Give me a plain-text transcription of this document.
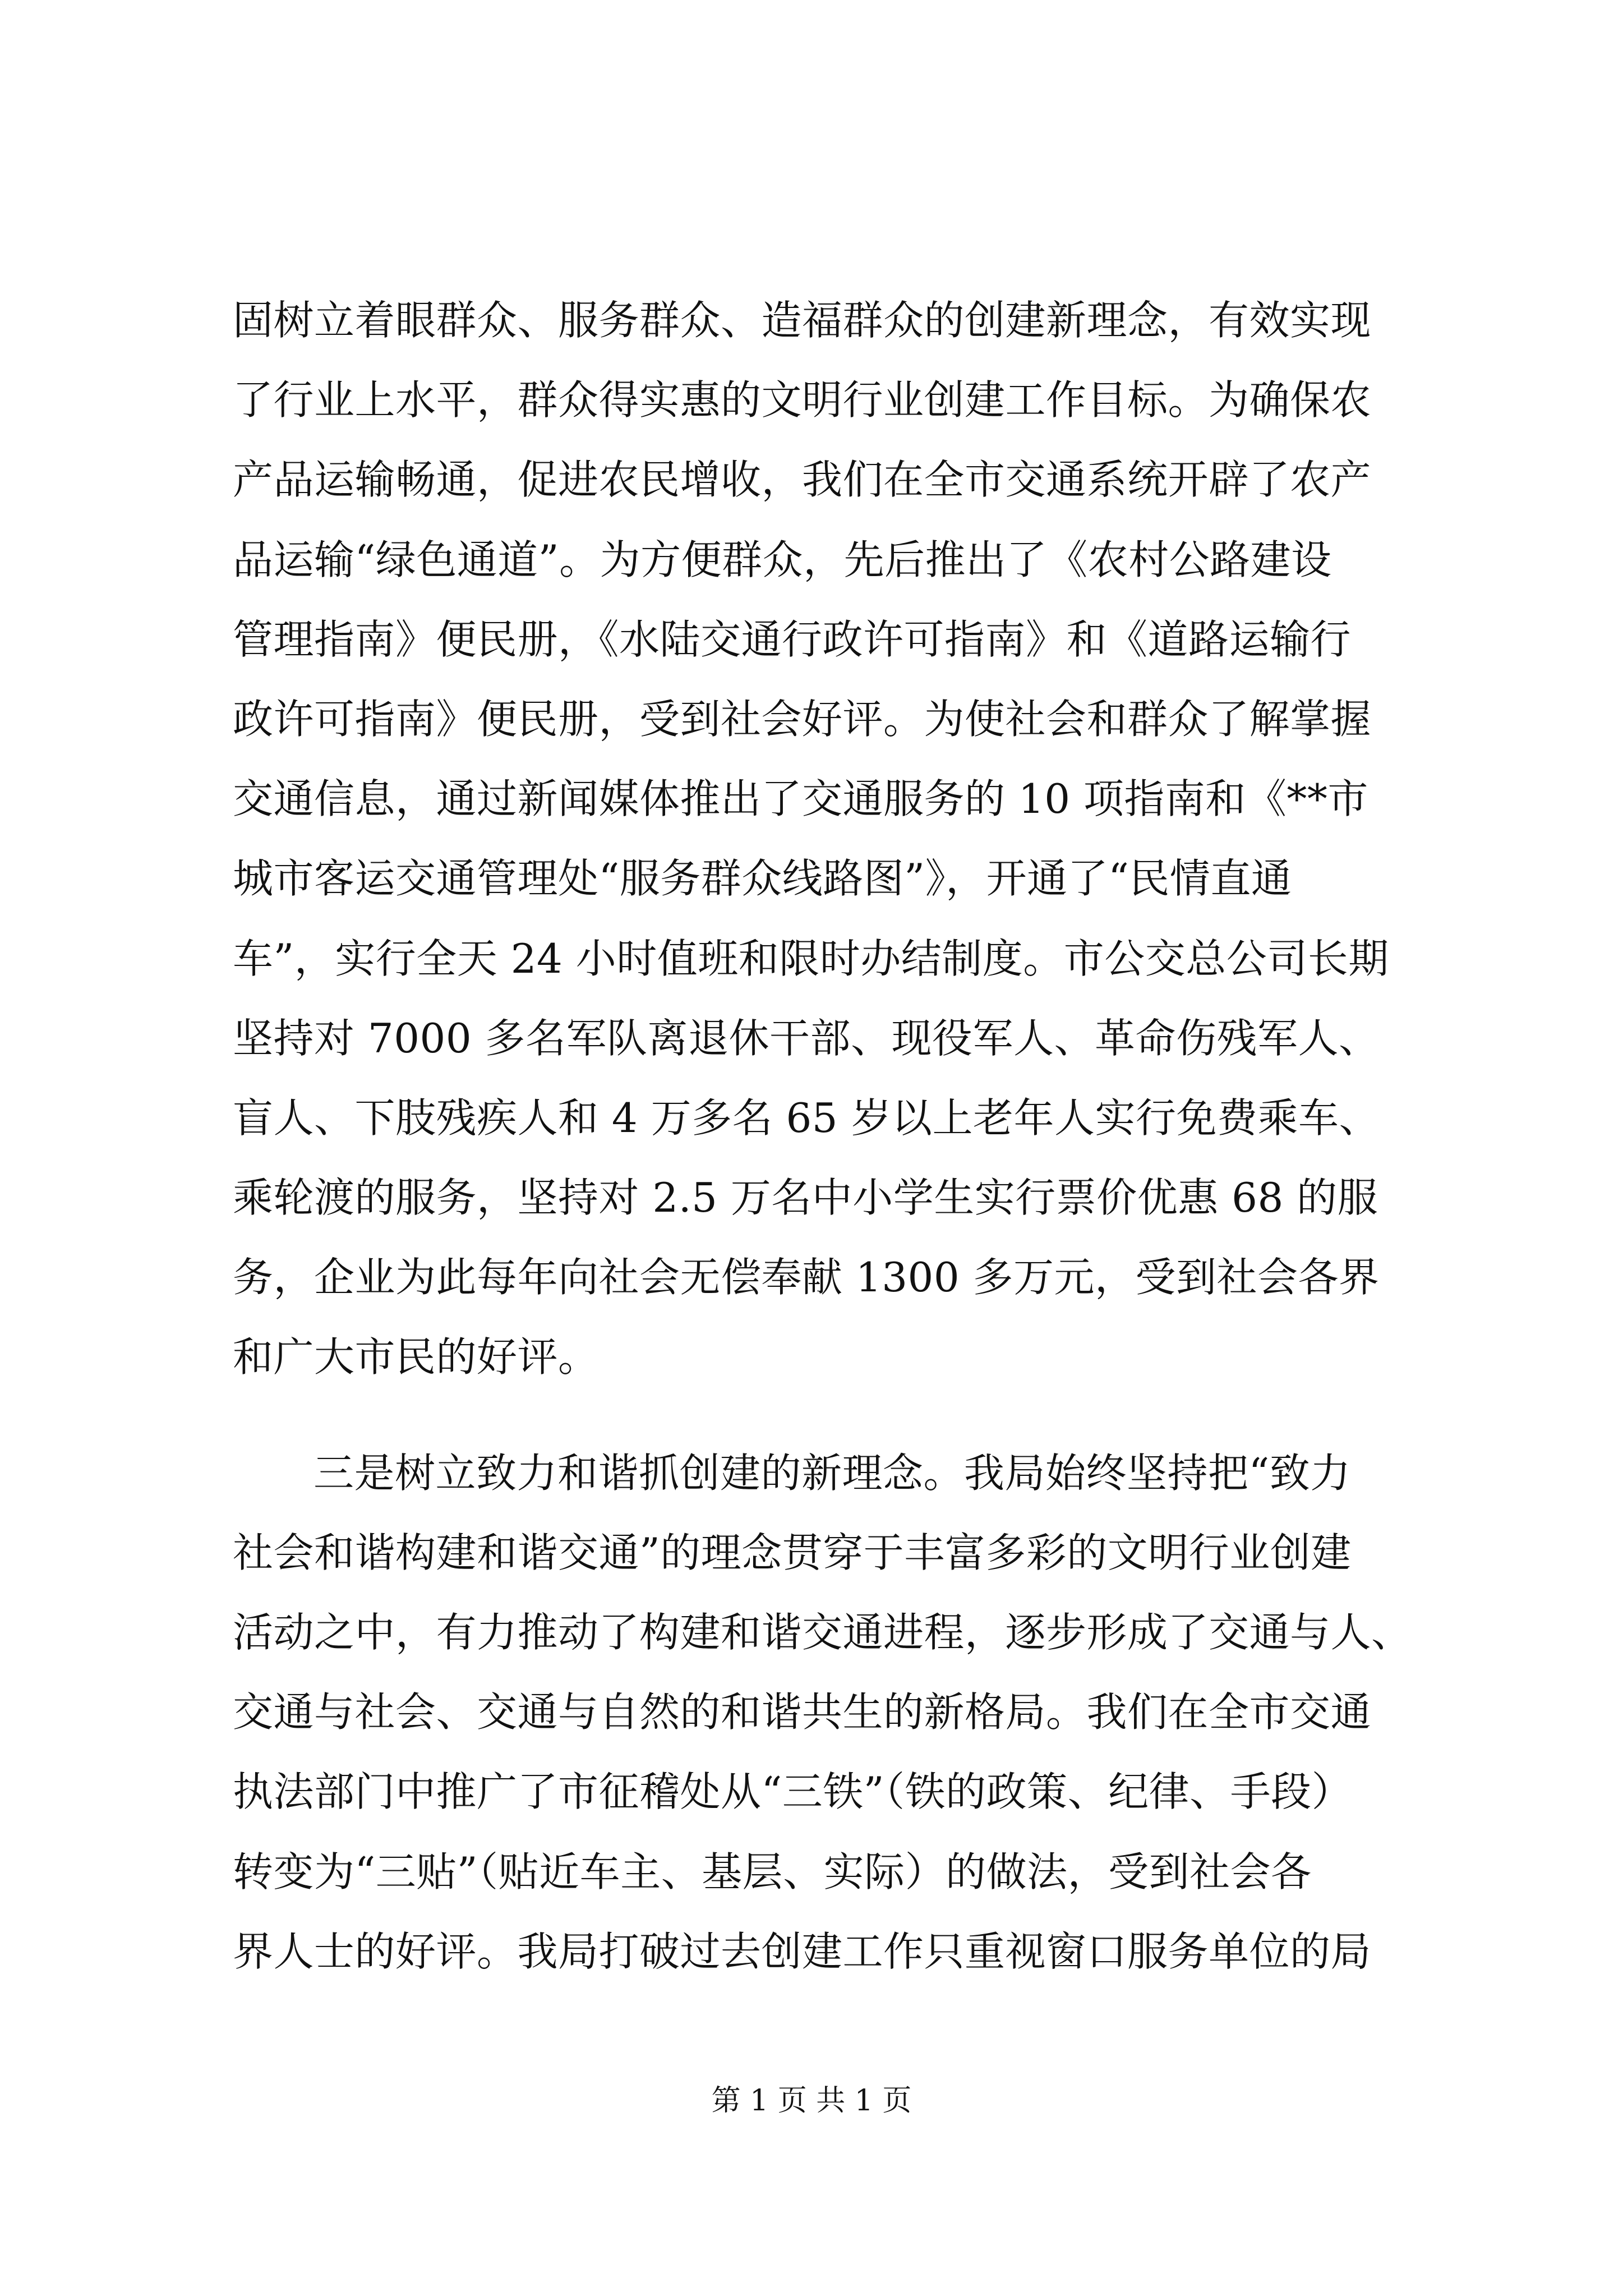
固树立着眼群众、服务群众、造福群众的创建新理念，有效实现
了行业上水平，群众得实惠的文明行业创建工作目标。为确保农
产品运输畅通，促进农民增收，我们在全市交通系统开辟了农产
品运输“绿色通道”。为方便群众，先后推出了《农村公路建设
管理指南》便民册，《水陆交通行政许可指南》和《道路运输行
政许可指南》便民册，受到社会好评。为使社会和群众了解掌握
交通信息，通过新闻媒体推出了交通服务的 10 项指南和《**市
城市客运交通管理处“服务群众线路图”》，开通了“民情直通
车”，实行全天 24 小时值班和限时办结制度。市公交总公司长期
坚持对 7000 多名军队离退休干部、现役军人、革命伤残军人、
盲人、下肢残疾人和 4 万多名 65 岁以上老年人实行免费乘车、
乘轮渡的服务，坚持对 2.5 万名中小学生实行票价优惠 68 的服
务，企业为此每年向社会无偿奉献 1300 多万元，受到社会各界
和广大市民的好评。
三是树立致力和谐抓创建的新理念。我局始终坚持把“致力
社会和谐构建和谐交通”的理念贯穿于丰富多彩的文明行业创建
活动之中，有力推动了构建和谐交通进程，逐步形成了交通与人、
交通与社会、交通与自然的和谐共生的新格局。我们在全市交通
执法部门中推广了市征稽处从“三铁”（铁的政策、纪律、手段）
转变为“三贴”（贴近车主、基层、实际）的做法，受到社会各
界人士的好评。我局打破过去创建工作只重视窗口服务单位的局
第 1 页 共 1 页
